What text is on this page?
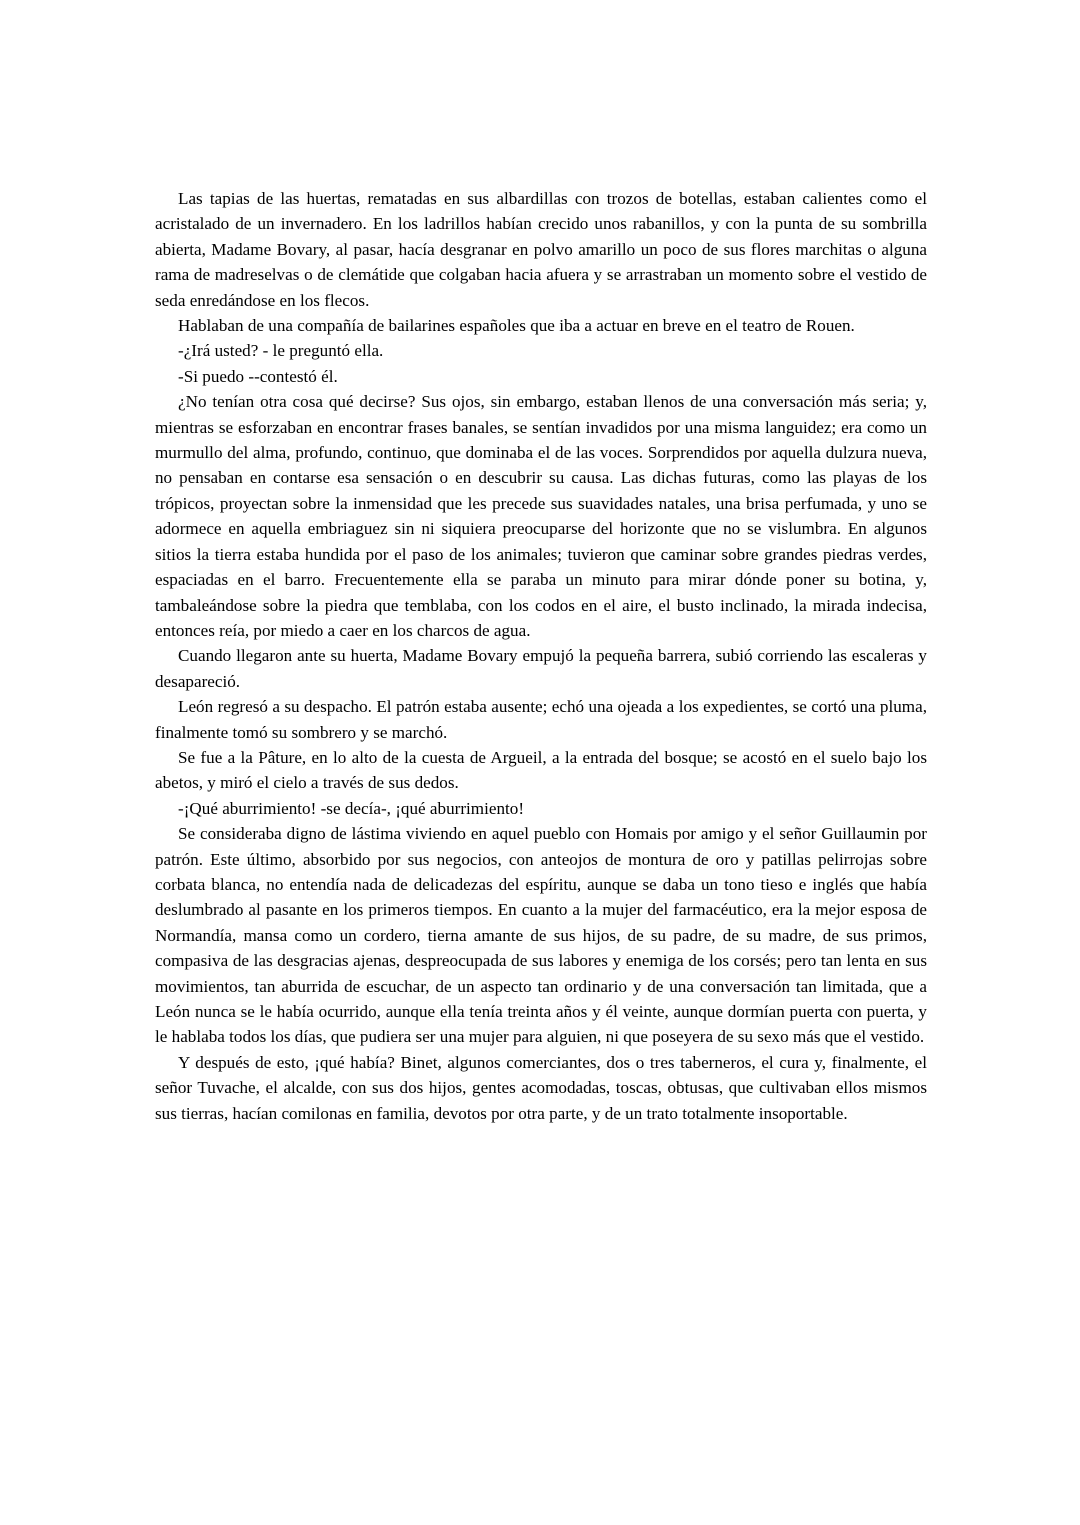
Las tapias de las huertas, rematadas en sus albardillas con trozos de botellas, estaban calientes como el acristalado de un invernadero. En los ladrillos habían crecido unos rabanillos, y con la punta de su sombrilla abierta, Madame Bovary, al pasar, hacía desgranar en polvo amarillo un poco de sus flores marchitas o alguna rama de madreselvas o de clemátide que colgaban hacia afuera y se arrastraban un momento sobre el vestido de seda enredándose en los flecos.

Hablaban de una compañía de bailarines españoles que iba a actuar en breve en el teatro de Rouen.

-¿Irá usted? - le preguntó ella.

-Si puedo --contestó él.

¿No tenían otra cosa qué decirse? Sus ojos, sin embargo, estaban llenos de una conversación más seria; y, mientras se esforzaban en encontrar frases banales, se sentían invadidos por una misma languidez; era como un murmullo del alma, profundo, continuo, que dominaba el de las voces. Sorprendidos por aquella dulzura nueva, no pensaban en contarse esa sensación o en descubrir su causa. Las dichas futuras, como las playas de los trópicos, proyectan sobre la inmensidad que les precede sus suavidades natales, una brisa perfumada, y uno se adormece en aquella embriaguez sin ni siquiera preocuparse del horizonte que no se vislumbra. En algunos sitios la tierra estaba hundida por el paso de los animales; tuvieron que caminar sobre grandes piedras verdes, espaciadas en el barro. Frecuentemente ella se paraba un minuto para mirar dónde poner su botina, y, tambaleándose sobre la piedra que temblaba, con los codos en el aire, el busto inclinado, la mirada indecisa, entonces reía, por miedo a caer en los charcos de agua.

Cuando llegaron ante su huerta, Madame Bovary empujó la pequeña barrera, subió corriendo las escaleras y desapareció.

León regresó a su despacho. El patrón estaba ausente; echó una ojeada a los expedientes, se cortó una pluma, finalmente tomó su sombrero y se marchó.

Se fue a la Pâture, en lo alto de la cuesta de Argueil, a la entrada del bosque; se acostó en el suelo bajo los abetos, y miró el cielo a través de sus dedos.

-¡Qué aburrimiento! -se decía-, ¡qué aburrimiento!

Se consideraba digno de lástima viviendo en aquel pueblo con Homais por amigo y el señor Guillaumin por patrón. Este último, absorbido por sus negocios, con anteojos de montura de oro y patillas pelirrojas sobre corbata blanca, no entendía nada de delicadezas del espíritu, aunque se daba un tono tieso e inglés que había deslumbrado al pasante en los primeros tiempos. En cuanto a la mujer del farmacéutico, era la mejor esposa de Normandía, mansa como un cordero, tierna amante de sus hijos, de su padre, de su madre, de sus primos, compasiva de las desgracias ajenas, despreocupada de sus labores y enemiga de los corsés; pero tan lenta en sus movimientos, tan aburrida de escuchar, de un aspecto tan ordinario y de una conversación tan limitada, que a León nunca se le había ocurrido, aunque ella tenía treinta años y él veinte, aunque dormían puerta con puerta, y le hablaba todos los días, que pudiera ser una mujer para alguien, ni que poseyera de su sexo más que el vestido.

Y después de esto, ¡qué había? Binet, algunos comerciantes, dos o tres taberneros, el cura y, finalmente, el señor Tuvache, el alcalde, con sus dos hijos, gentes acomodadas, toscas, obtusas, que cultivaban ellos mismos sus tierras, hacían comilonas en familia, devotos por otra parte, y de un trato totalmente insoportable.
